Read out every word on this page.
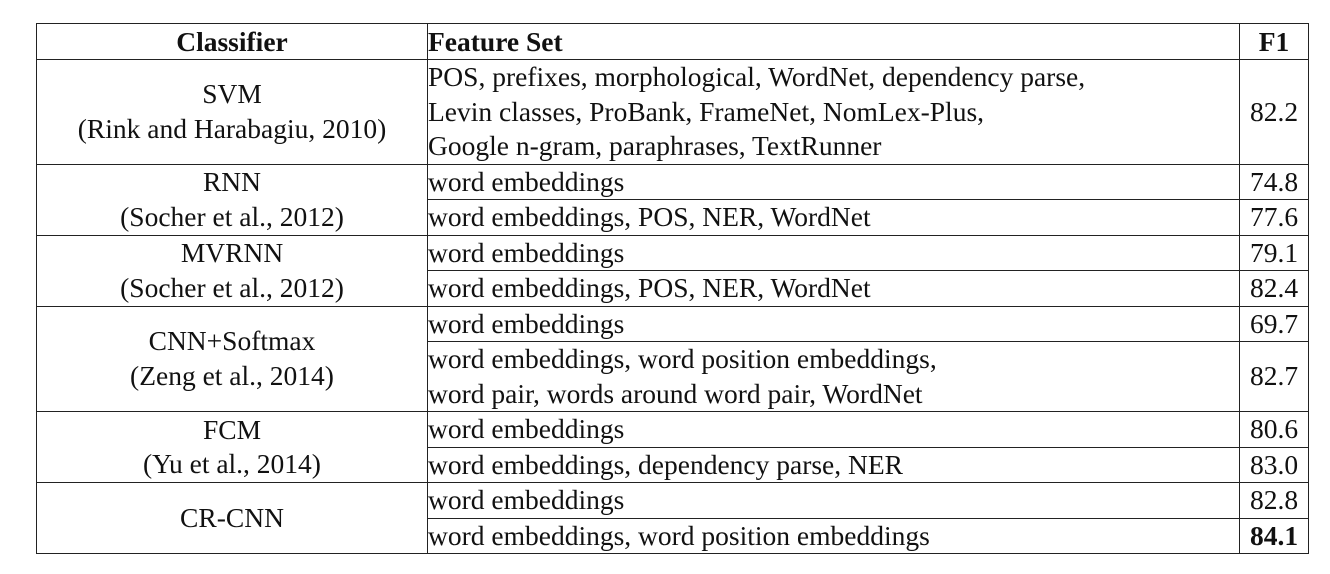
Classifier	Feature Set	F1

SVM
(Rink and Harabagiu, 2010)	POS, prefixes, morphological, WordNet, dependency parse,
Levin classes, ProBank, FrameNet, NomLex-Plus,
Google n-gram, paraphrases, TextRunner	82.2

RNN
(Socher et al., 2012)	word embeddings	74.8

	word embeddings, POS, NER, WordNet	77.6

MVRNN
(Socher et al., 2012)	word embeddings	79.1

	word embeddings, POS, NER, WordNet	82.4

CNN+Softmax
(Zeng et al., 2014)	word embeddings	69.7

	word embeddings, word position embeddings,
word pair, words around word pair, WordNet	82.7

FCM
(Yu et al., 2014)	word embeddings	80.6

	word embeddings, dependency parse, NER	83.0

CR-CNN	word embeddings	82.8

	word embeddings, word position embeddings	84.1
